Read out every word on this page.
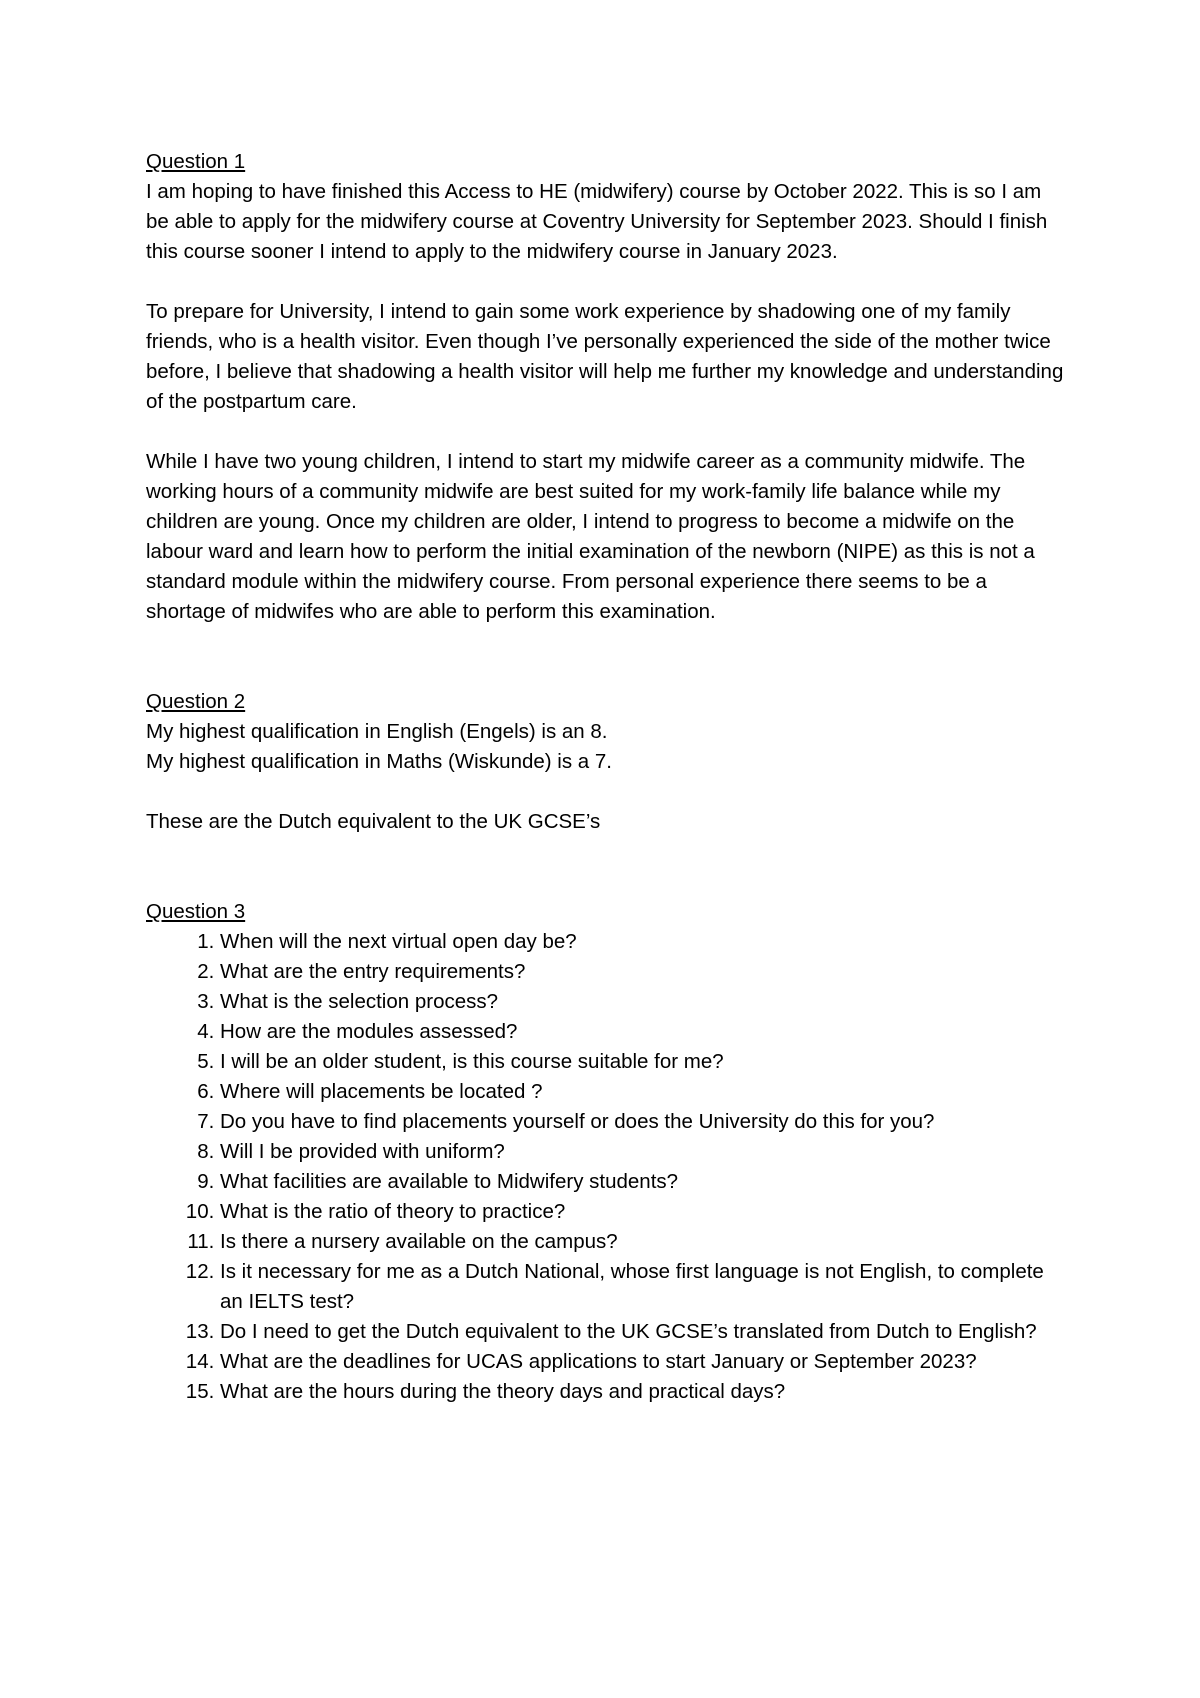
Question 1

I am hoping to have finished this Access to HE (midwifery) course by October 2022. This is so I am be able to apply for the midwifery course at Coventry University for September 2023. Should I finish this course sooner I intend to apply to the midwifery course in January 2023.

To prepare for University, I intend to gain some work experience by shadowing one of my family friends, who is a health visitor. Even though I’ve personally experienced the side of the mother twice before, I believe that shadowing a health visitor will help me further my knowledge and understanding of the postpartum care.

While I have two young children, I intend to start my midwife career as a community midwife. The working hours of a community midwife are best suited for my work-family life balance while my children are young. Once my children are older, I intend to progress to become a midwife on the labour ward and learn how to perform the initial examination of the newborn (NIPE) as this is not a standard module within the midwifery course. From personal experience there seems to be a shortage of midwifes who are able to perform this examination.

Question 2

My highest qualification in English (Engels) is an 8.

My highest qualification in Maths (Wiskunde) is a 7.

These are the Dutch equivalent to the UK GCSE’s

Question 3

1. When will the next virtual open day be?
2. What are the entry requirements?
3. What is the selection process?
4. How are the modules assessed?
5. I will be an older student, is this course suitable for me?
6. Where will placements be located ?
7. Do you have to find placements yourself or does the University do this for you?
8. Will I be provided with uniform?
9. What facilities are available to Midwifery students?
10. What is the ratio of theory to practice?
11. Is there a nursery available on the campus?
12. Is it necessary for me as a Dutch National, whose first language is not English, to complete an IELTS test?
13. Do I need to get the Dutch equivalent to the UK GCSE’s translated from Dutch to English?
14. What are the deadlines for UCAS applications to start January or September 2023?
15. What are the hours during the theory days and practical days?
